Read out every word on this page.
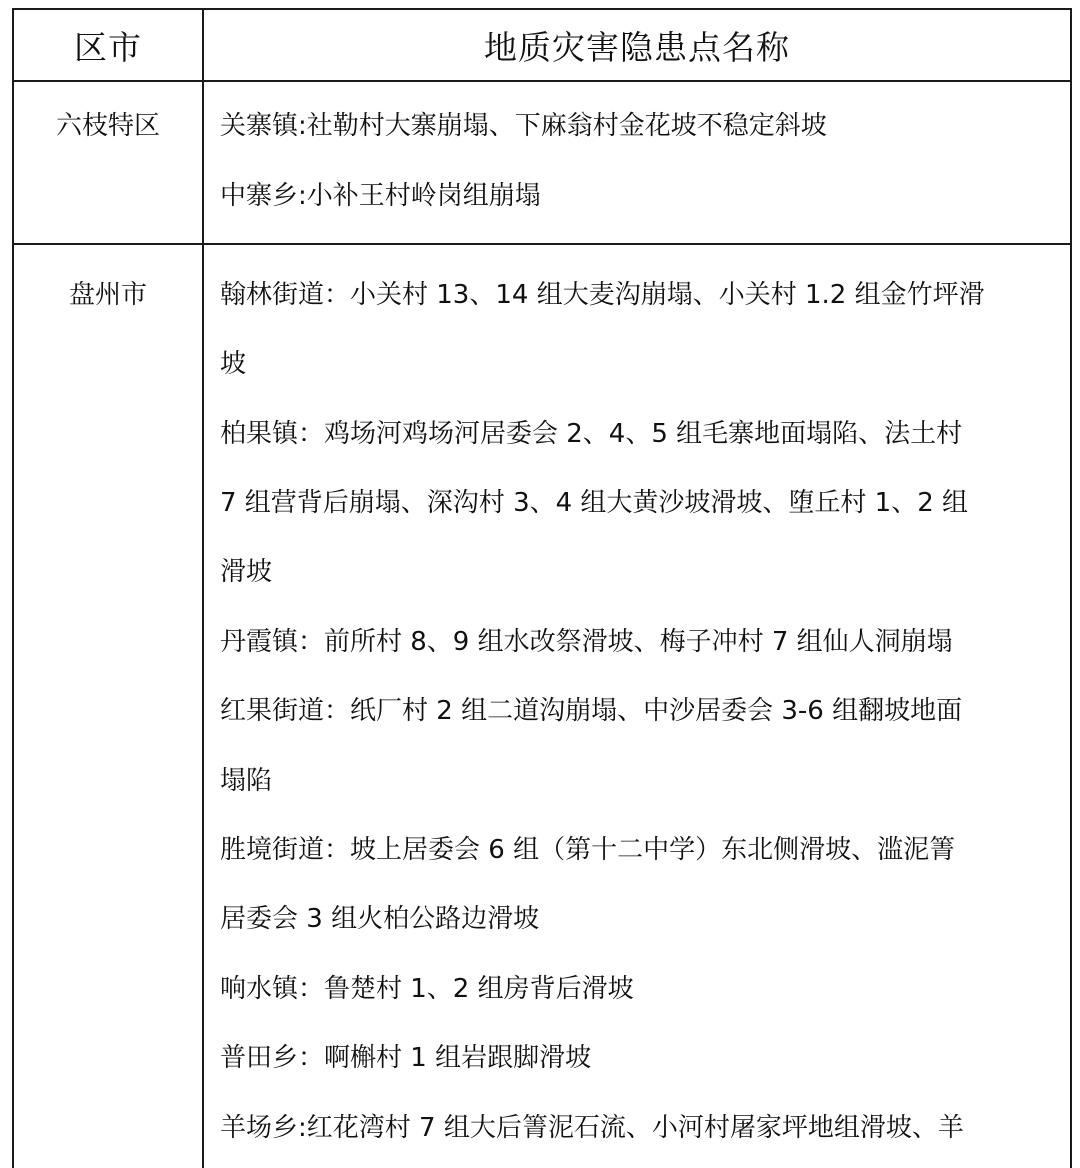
区市	地质灾害隐患点名称
六枝特区	关寨镇:社勒村大寨崩塌、下麻翁村金花坡不稳定斜坡
中寨乡:小补王村岭岗组崩塌
盘州市	翰林街道：小关村 13、14 组大麦沟崩塌、小关村 1.2 组金竹坪滑
坡
柏果镇：鸡场河鸡场河居委会 2、4、5 组毛寨地面塌陷、法土村
7 组营背后崩塌、深沟村 3、4 组大黄沙坡滑坡、堕丘村 1、2 组
滑坡
丹霞镇：前所村 8、9 组水改祭滑坡、梅子冲村 7 组仙人洞崩塌
红果街道：纸厂村 2 组二道沟崩塌、中沙居委会 3-6 组翻坡地面
塌陷
胜境街道：坡上居委会 6 组（第十二中学）东北侧滑坡、滥泥箐
居委会 3 组火柏公路边滑坡
响水镇：鲁楚村 1、2 组房背后滑坡
普田乡：啊槲村 1 组岩跟脚滑坡
羊场乡:红花湾村 7 组大后箐泥石流、小河村屠家坪地组滑坡、羊
